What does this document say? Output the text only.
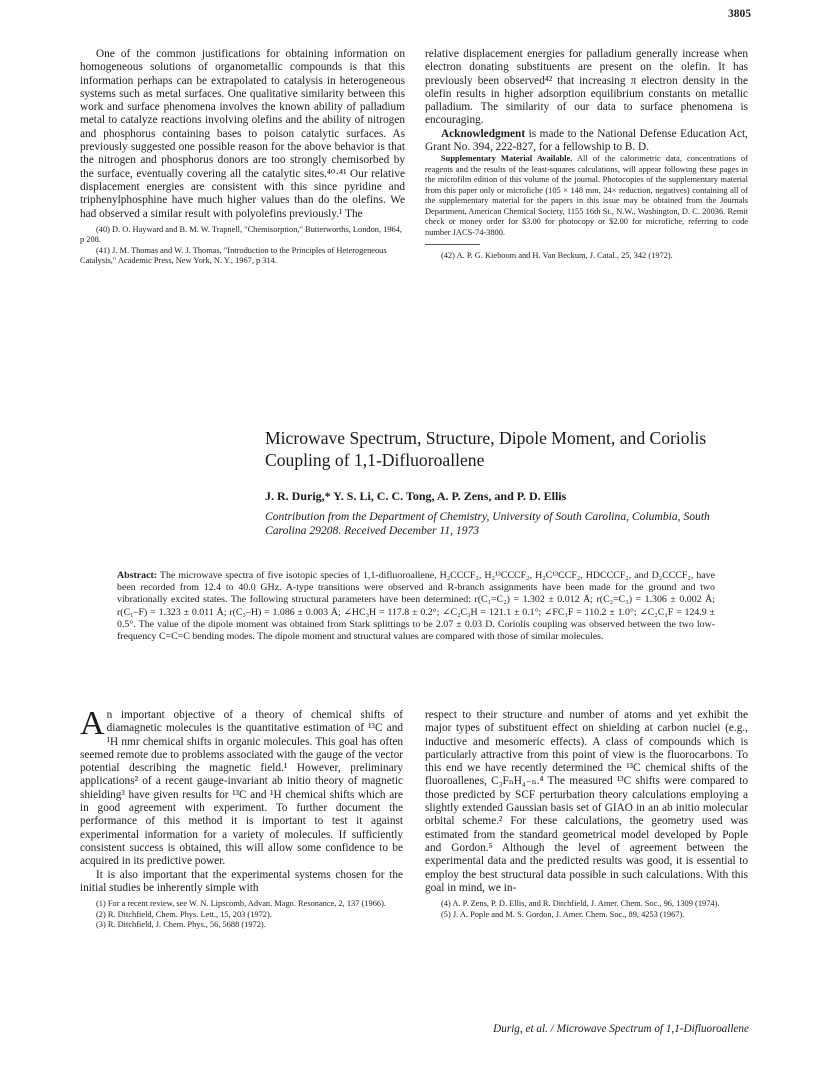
3805

One of the common justifications for obtaining information on homogeneous solutions of organometallic compounds is that this information perhaps can be extrapolated to catalysis in heterogeneous systems such as metal surfaces. One qualitative similarity between this work and surface phenomena involves the known ability of palladium metal to catalyze reactions involving olefins and the ability of nitrogen and phosphorus containing bases to poison catalytic surfaces. As previously suggested one possible reason for the above behavior is that the nitrogen and phosphorus donors are too strongly chemisorbed by the surface, eventually covering all the catalytic sites.⁴⁰·⁴¹ Our relative displacement energies are consistent with this since pyridine and triphenylphosphine have much higher values than do the olefins. We had observed a similar result with polyolefins previously.¹ The

(40) D. O. Hayward and B. M. W. Trapnell, "Chemisorption," Butterworths, London, 1964, p 208.

(41) J. M. Thomas and W. J. Thomas, "Introduction to the Principles of Heterogeneous Catalysis," Academic Press, New York, N. Y., 1967, p 314.

relative displacement energies for palladium generally increase when electron donating substituents are present on the olefin. It has previously been observed⁴² that increasing π electron density in the olefin results in higher adsorption equilibrium constants on metallic palladium. The similarity of our data to surface phenomena is encouraging.

Acknowledgment is made to the National Defense Education Act, Grant No. 394, 222-827, for a fellowship to B. D.

Supplementary Material Available. All of the calorimetric data, concentrations of reagents and the results of the least-squares calculations, will appear following these pages in the microfilm edition of this volume of the journal. Photocopies of the supplementary material from this paper only or microfiche (105 × 148 mm, 24× reduction, negatives) containing all of the supplementary material for the papers in this issue may be obtained from the Journals Department, American Chemical Society, 1155 16th St., N.W., Washington, D. C. 20036. Remit check or money order for $3.00 for photocopy or $2.00 for microfiche, referring to code number JACS-74-3800.

(42) A. P. G. Kieboom and H. Van Beckum, J. Catal., 25, 342 (1972).

Microwave Spectrum, Structure, Dipole Moment, and Coriolis Coupling of 1,1-Difluoroallene
J. R. Durig,* Y. S. Li, C. C. Tong, A. P. Zens, and P. D. Ellis
Contribution from the Department of Chemistry, University of South Carolina, Columbia, South Carolina 29208. Received December 11, 1973
Abstract: The microwave spectra of five isotopic species of 1,1-difluoroallene, H₂CCCF₂, H₂¹³CCCF₂, H₂C¹³CCF₂, HDCCCF₂, and D₂CCCF₂, have been recorded from 12.4 to 40.0 GHz. A-type transitions were observed and R-branch assignments have been made for the ground and two vibrationally excited states. The following structural parameters have been determined: r(C₁=C₂) = 1.302 ± 0.012 Å; r(C₂=C₃) = 1.306 ± 0.002 Å; r(C₁–F) = 1.323 ± 0.011 Å; r(C₃–H) = 1.086 ± 0.003 Å; ∠HC₃H = 117.8 ± 0.2°; ∠C₂C₃H = 121.1 ± 0.1°; ∠FC₁F = 110.2 ± 1.0°; ∠C₂C₁F = 124.9 ± 0.5°. The value of the dipole moment was obtained from Stark splittings to be 2.07 ± 0.03 D. Coriolis coupling was observed between the two low-frequency C=C=C bending modes. The dipole moment and structural values are compared with those of similar molecules.

An important objective of a theory of chemical shifts of diamagnetic molecules is the quantitative estimation of ¹³C and ¹H nmr chemical shifts in organic molecules. This goal has often seemed remote due to problems associated with the gauge of the vector potential describing the magnetic field.¹ However, preliminary applications² of a recent gauge-invariant ab initio theory of magnetic shielding³ have given results for ¹³C and ¹H chemical shifts which are in good agreement with experiment. To further document the performance of this method it is important to test it against experimental information for a variety of molecules. If sufficiently consistent success is obtained, this will allow some confidence to be acquired in its predictive power.

It is also important that the experimental systems chosen for the initial studies be inherently simple with

(1) For a recent review, see W. N. Lipscomb, Advan. Magn. Resonance, 2, 137 (1966).

(2) R. Ditchfield, Chem. Phys. Lett., 15, 203 (1972).

(3) R. Ditchfield, J. Chem. Phys., 56, 5688 (1972).

respect to their structure and number of atoms and yet exhibit the major types of substituent effect on shielding at carbon nuclei (e.g., inductive and mesomeric effects). A class of compounds which is particularly attractive from this point of view is the fluorocarbons. To this end we have recently determined the ¹³C chemical shifts of the fluoroallenes, C₃FₙH₄₋ₙ.⁴ The measured ¹³C shifts were compared to those predicted by SCF perturbation theory calculations employing a slightly extended Gaussian basis set of GIAO in an ab initio molecular orbital scheme.² For these calculations, the geometry used was estimated from the standard geometrical model developed by Pople and Gordon.⁵ Although the level of agreement between the experimental data and the predicted results was good, it is essential to employ the best structural data possible in such calculations. With this goal in mind, we in-

(4) A. P. Zens, P. D. Ellis, and R. Ditchfield, J. Amer. Chem. Soc., 96, 1309 (1974).

(5) J. A. Pople and M. S. Gordon, J. Amer. Chem. Soc., 89, 4253 (1967).

Durig, et al. / Microwave Spectrum of 1,1-Difluoroallene
